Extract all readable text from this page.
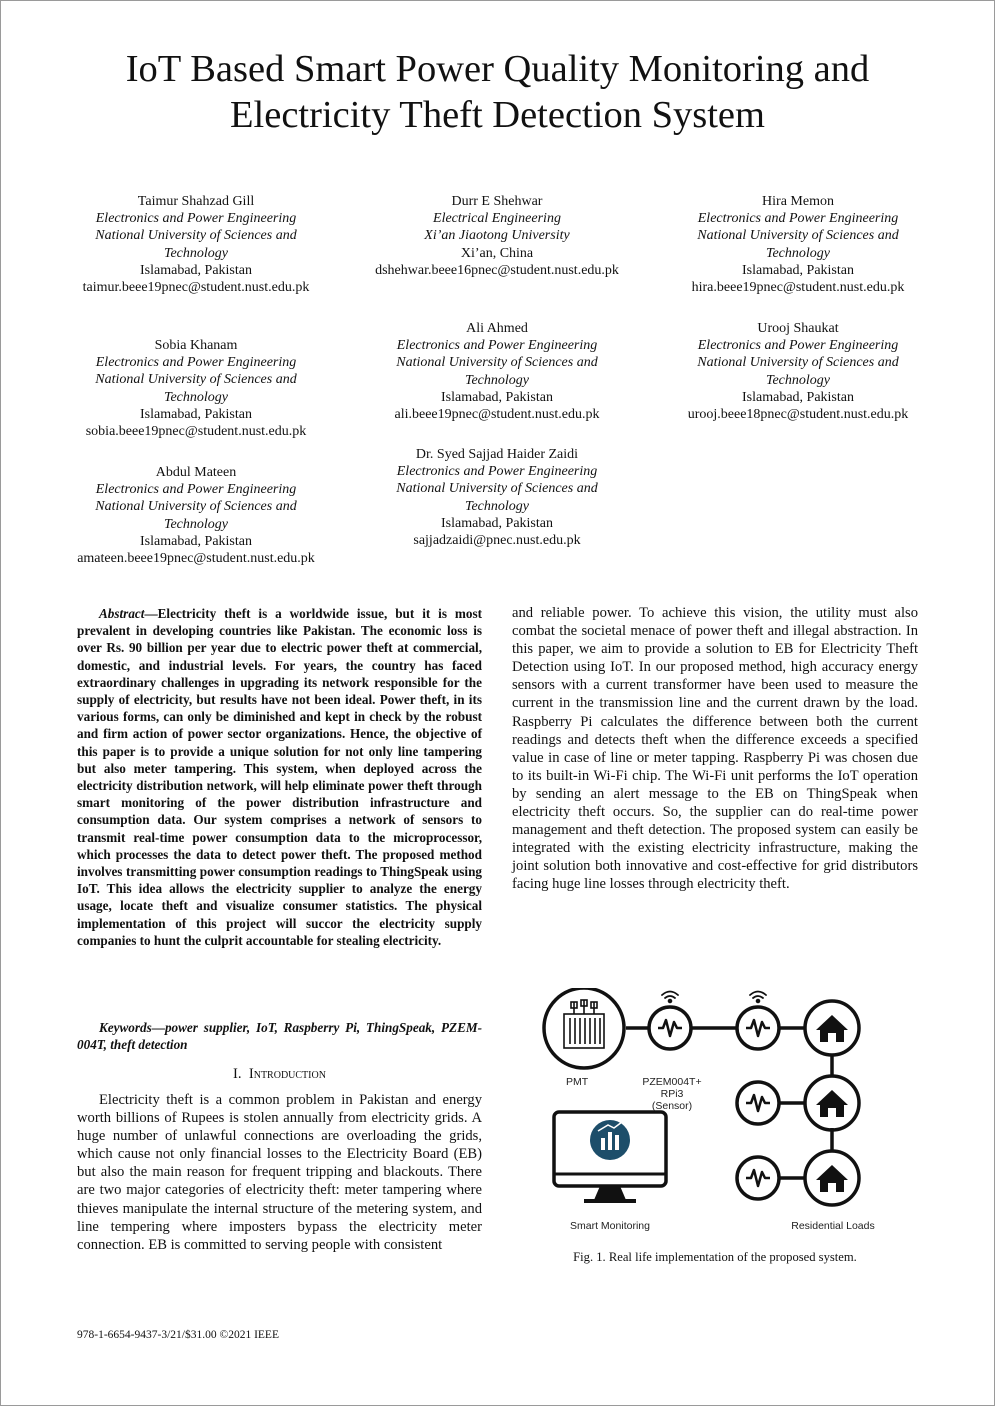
IoT Based Smart Power Quality Monitoring and
Electricity Theft Detection System
Taimur Shahzad Gill
Electronics and Power Engineering
National University of Sciences and Technology
Islamabad, Pakistan
taimur.beee19pnec@student.nust.edu.pk
Durr E Shehwar
Electrical Engineering
Xi’an Jiaotong University
Xi’an, China
dshehwar.beee16pnec@student.nust.edu.pk
Hira Memon
Electronics and Power Engineering
National University of Sciences and Technology
Islamabad, Pakistan
hira.beee19pnec@student.nust.edu.pk
Sobia Khanam
Electronics and Power Engineering
National University of Sciences and Technology
Islamabad, Pakistan
sobia.beee19pnec@student.nust.edu.pk
Ali Ahmed
Electronics and Power Engineering
National University of Sciences and Technology
Islamabad, Pakistan
ali.beee19pnec@student.nust.edu.pk
Urooj Shaukat
Electronics and Power Engineering
National University of Sciences and Technology
Islamabad, Pakistan
urooj.beee18pnec@student.nust.edu.pk
Abdul Mateen
Electronics and Power Engineering
National University of Sciences and Technology
Islamabad, Pakistan
amateen.beee19pnec@student.nust.edu.pk
Dr. Syed Sajjad Haider Zaidi
Electronics and Power Engineering
National University of Sciences and Technology
Islamabad, Pakistan
sajjadzaidi@pnec.nust.edu.pk

Abstract—Electricity theft is a worldwide issue, but it is most prevalent in developing countries like Pakistan. The economic loss is over Rs. 90 billion per year due to electric power theft at commercial, domestic, and industrial levels. For years, the country has faced extraordinary challenges in upgrading its network responsible for the supply of electricity, but results have not been ideal. Power theft, in its various forms, can only be diminished and kept in check by the robust and firm action of power sector organizations. Hence, the objective of this paper is to provide a unique solution for not only line tampering but also meter tampering. This system, when deployed across the electricity distribution network, will help eliminate power theft through smart monitoring of the power distribution infrastructure and consumption data. Our system comprises a network of sensors to transmit real-time power consumption data to the microprocessor, which processes the data to detect power theft. The proposed method involves transmitting power consumption readings to ThingSpeak using IoT. This idea allows the electricity supplier to analyze the energy usage, locate theft and visualize consumer statistics. The physical implementation of this project will succor the electricity supply companies to hunt the culprit accountable for stealing electricity.

Keywords—power supplier, IoT, Raspberry Pi, ThingSpeak, PZEM-004T, theft detection

I. Introduction

Electricity theft is a common problem in Pakistan and energy worth billions of Rupees is stolen annually from electricity grids. A huge number of unlawful connections are overloading the grids, which cause not only financial losses to the Electricity Board (EB) but also the main reason for frequent tripping and blackouts. There are two major categories of electricity theft: meter tampering where thieves manipulate the internal structure of the metering system, and line tempering where imposters bypass the electricity meter connection. EB is committed to serving people with consistent

and reliable power. To achieve this vision, the utility must also combat the societal menace of power theft and illegal abstraction. In this paper, we aim to provide a solution to EB for Electricity Theft Detection using IoT. In our proposed method, high accuracy energy sensors with a current transformer have been used to measure the current in the transmission line and the current drawn by the load. Raspberry Pi calculates the difference between both the current readings and detects theft when the difference exceeds a specified value in case of line or meter tapping. Raspberry Pi was chosen due to its built-in Wi-Fi chip. The Wi-Fi unit performs the IoT operation by sending an alert message to the EB on ThingSpeak when electricity theft occurs. So, the supplier can do real-time power management and theft detection. The proposed system can easily be integrated with the existing electricity infrastructure, making the joint solution both innovative and cost-effective for grid distributors facing huge line losses through electricity theft.

PMT	PZEM004T+ RPi3
(Sensor)
Smart Monitoring	Residential Loads
Fig. 1. Real life implementation of the proposed system.
978-1-6654-9437-3/21/$31.00 ©2021 IEEE
